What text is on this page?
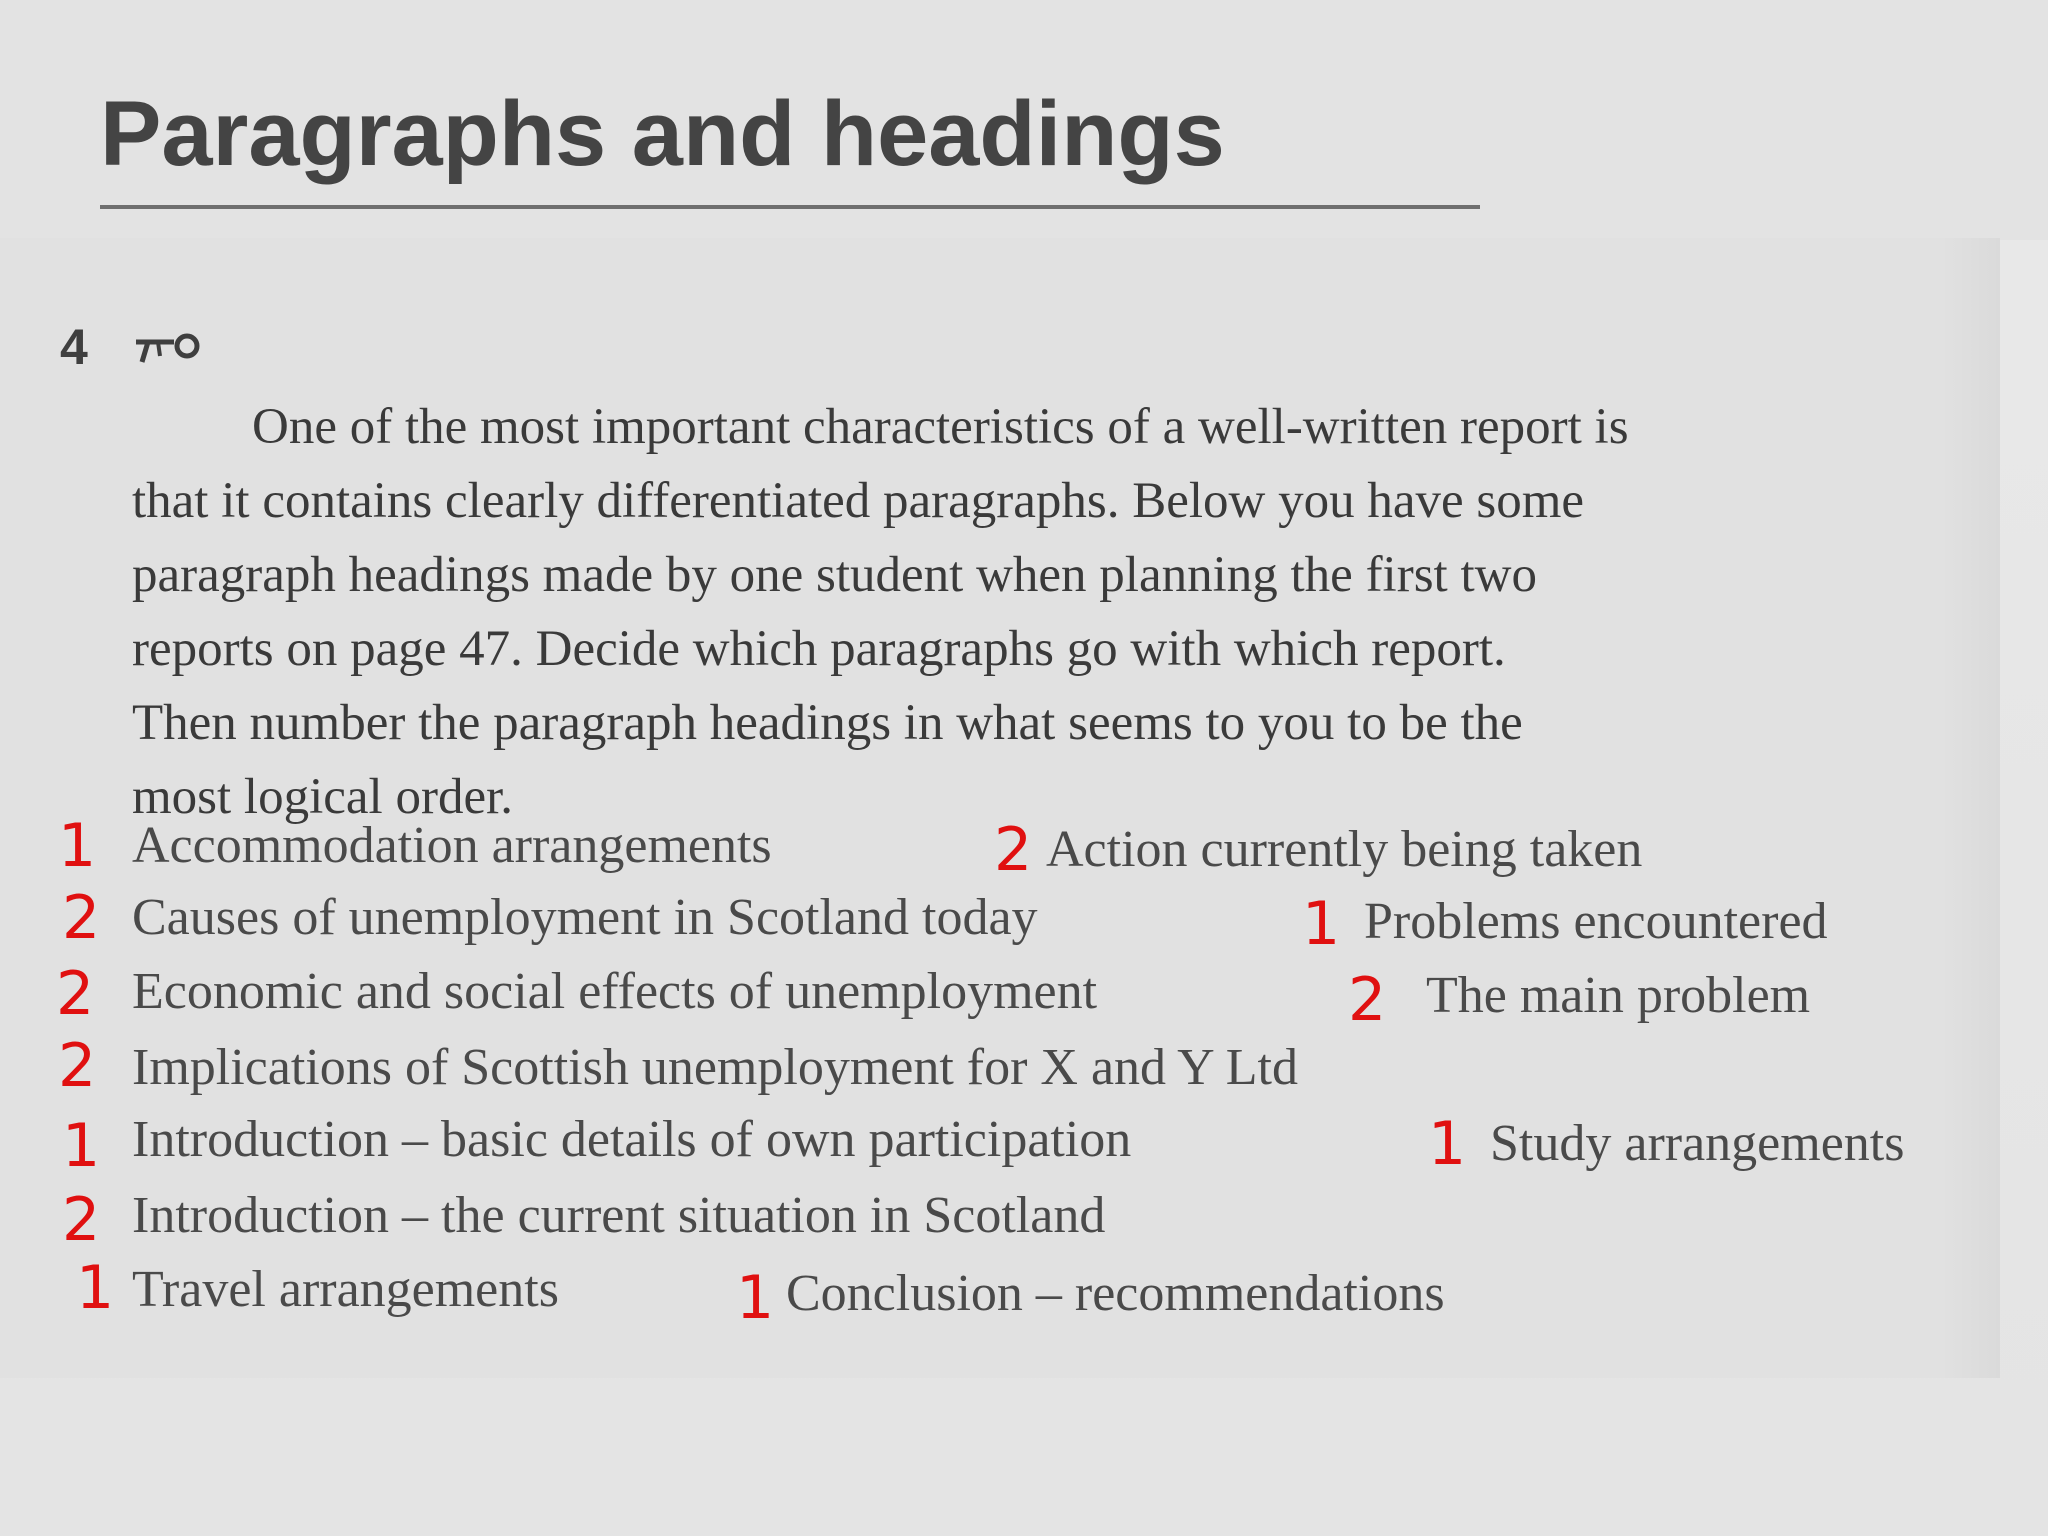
Paragraphs and headings
4

One of the most important characteristics of a well-written report is
that it contains clearly differentiated paragraphs. Below you have some
paragraph headings made by one student when planning the first two
reports on page 47. Decide which paragraphs go with which report.
Then number the paragraph headings in what seems to you to be the
most logical order.

1 Accommodation arrangements	2 Action currently being taken
2 Causes of unemployment in Scotland today	1 Problems encountered
2 Economic and social effects of unemployment	2 The main problem
2 Implications of Scottish unemployment for X and Y Ltd
1 Introduction – basic details of own participation	1 Study arrangements
2 Introduction – the current situation in Scotland
1 Travel arrangements	1 Conclusion – recommendations
